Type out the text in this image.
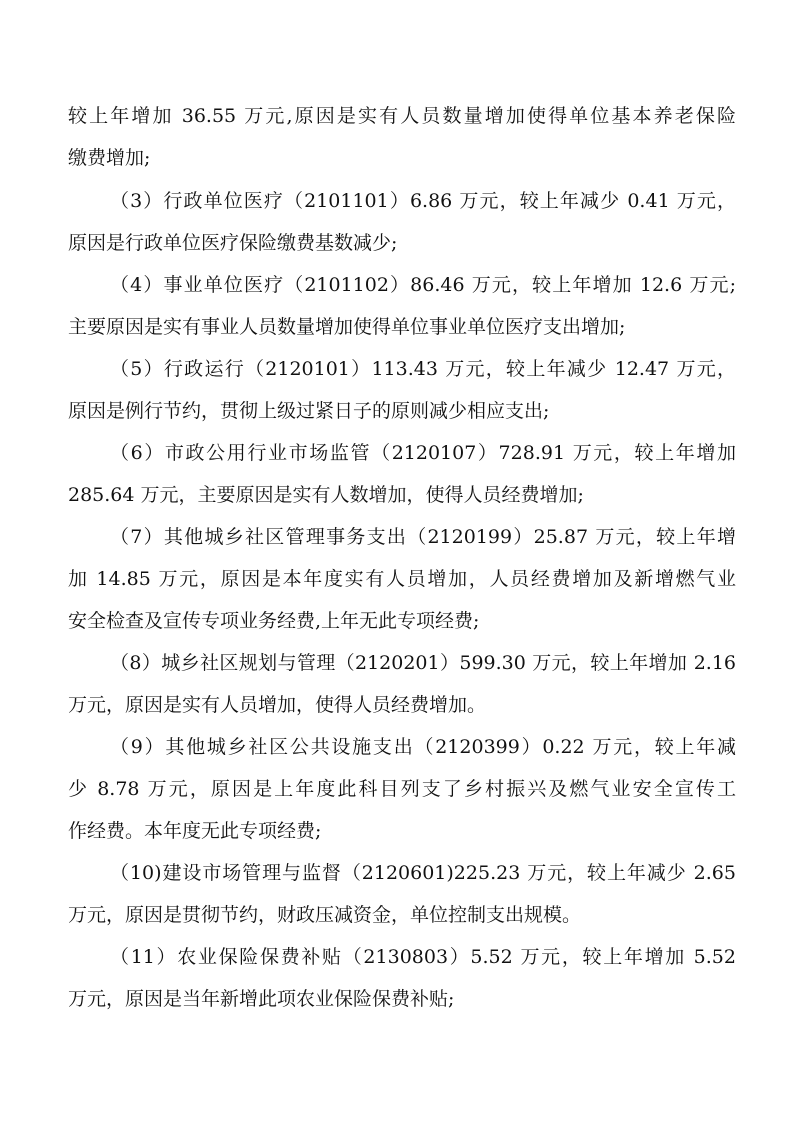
较上年增加 36.55 万元,原因是实有人员数量增加使得单位基本养老保险
缴费增加;
（3）行政单位医疗（2101101）6.86 万元，较上年减少 0.41 万元，
原因是行政单位医疗保险缴费基数减少;
（4）事业单位医疗（2101102）86.46 万元，较上年增加 12.6 万元;
主要原因是实有事业人员数量增加使得单位事业单位医疗支出增加;
（5）行政运行（2120101）113.43 万元，较上年减少 12.47 万元，
原因是例行节约，贯彻上级过紧日子的原则减少相应支出;
（6）市政公用行业市场监管（2120107）728.91 万元，较上年增加
285.64 万元，主要原因是实有人数增加，使得人员经费增加;
（7）其他城乡社区管理事务支出（2120199）25.87 万元，较上年增
加 14.85 万元，原因是本年度实有人员增加，人员经费增加及新增燃气业
安全检查及宣传专项业务经费,上年无此专项经费;
（8）城乡社区规划与管理（2120201）599.30 万元，较上年增加 2.16
万元，原因是实有人员增加，使得人员经费增加。
（9）其他城乡社区公共设施支出（2120399）0.22 万元，较上年减
少 8.78 万元，原因是上年度此科目列支了乡村振兴及燃气业安全宣传工
作经费。本年度无此专项经费;
（10)建设市场管理与监督（2120601)225.23 万元，较上年减少 2.65
万元，原因是贯彻节约，财政压减资金，单位控制支出规模。
（11）农业保险保费补贴（2130803）5.52 万元，较上年增加 5.52
万元，原因是当年新增此项农业保险保费补贴;
